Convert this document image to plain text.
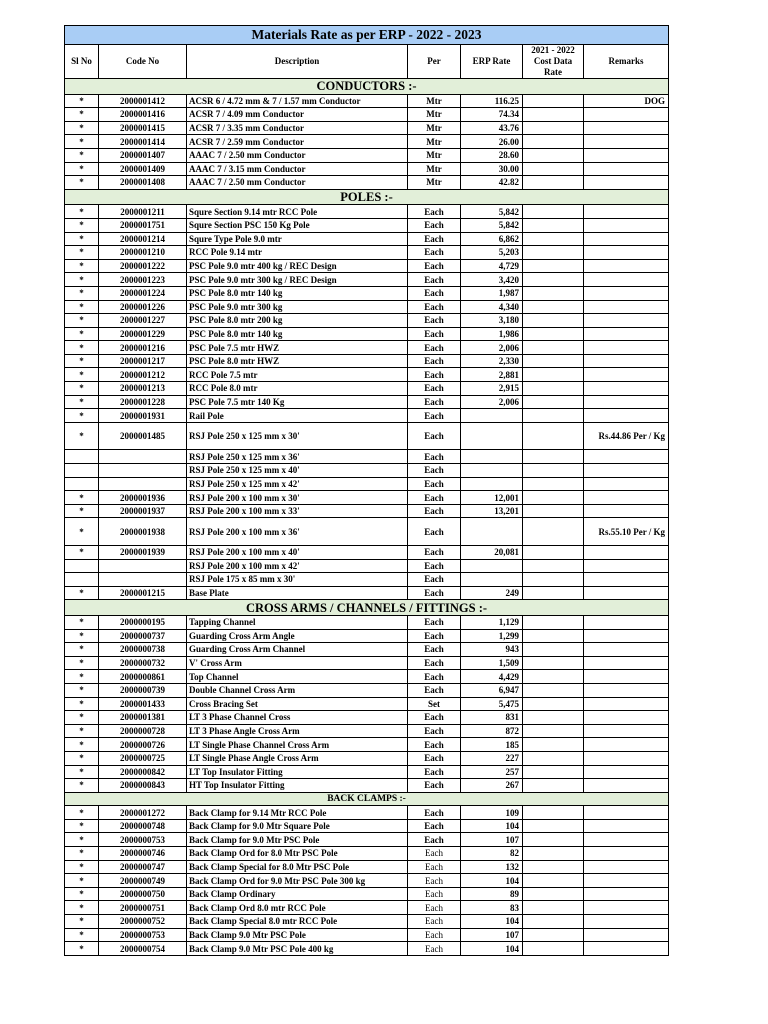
Materials Rate as per ERP - 2022 - 2023						
Sl No	Code No	Description	Per	ERP Rate	2021 - 2022 Cost Data Rate	Remarks
CONDUCTORS :-						
*	2000001412	ACSR 6 / 4.72 mm & 7 / 1.57 mm Conductor	Mtr	116.25		DOG
*	2000001416	ACSR 7 / 4.09 mm Conductor	Mtr	74.34		
*	2000001415	ACSR 7 / 3.35 mm Conductor	Mtr	43.76		
*	2000001414	ACSR 7 / 2.59 mm Conductor	Mtr	26.00		
*	2000001407	AAAC 7 / 2.50 mm Conductor	Mtr	28.60		
*	2000001409	AAAC 7 / 3.15 mm Conductor	Mtr	30.00		
*	2000001408	AAAC 7 / 2.50 mm Conductor	Mtr	42.82		
POLES :-						
*	2000001211	Squre Section 9.14 mtr RCC Pole	Each	5,842		
*	2000001751	Squre Section PSC 150 Kg Pole	Each	5,842		
*	2000001214	Squre Type Pole 9.0 mtr	Each	6,862		
*	2000001210	RCC Pole 9.14 mtr	Each	5,203		
*	2000001222	PSC Pole 9.0 mtr 400 kg / REC Design	Each	4,729		
*	2000001223	PSC Pole 9.0 mtr 300 kg / REC Design	Each	3,420		
*	2000001224	PSC Pole 8.0 mtr 140 kg	Each	1,987		
*	2000001226	PSC Pole 9.0 mtr 300 kg	Each	4,340		
*	2000001227	PSC Pole 8.0 mtr 200 kg	Each	3,180		
*	2000001229	PSC Pole 8.0 mtr 140 kg	Each	1,986		
*	2000001216	PSC Pole 7.5 mtr HWZ	Each	2,006		
*	2000001217	PSC Pole 8.0 mtr HWZ	Each	2,330		
*	2000001212	RCC Pole 7.5 mtr	Each	2,881		
*	2000001213	RCC Pole 8.0 mtr	Each	2,915		
*	2000001228	PSC Pole 7.5 mtr 140 Kg	Each	2,006		
*	2000001931	Rail Pole	Each			
*	2000001485	RSJ Pole 250 x 125 mm x 30'	Each			Rs.44.86 Per / Kg
		RSJ Pole 250 x 125 mm x 36'	Each			
		RSJ Pole 250 x 125 mm x 40'	Each			
		RSJ Pole 250 x 125 mm x 42'	Each			
*	2000001936	RSJ Pole 200 x 100 mm x 30'	Each	12,001		
*	2000001937	RSJ Pole 200 x 100 mm x 33'	Each	13,201		
*	2000001938	RSJ Pole 200 x 100 mm x 36'	Each			Rs.55.10 Per / Kg
*	2000001939	RSJ Pole 200 x 100 mm x 40'	Each	20,081		
		RSJ Pole 200 x 100 mm x 42'	Each			
		RSJ Pole 175 x 85 mm x 30'	Each			
*	2000001215	Base Plate	Each	249		
CROSS ARMS / CHANNELS / FITTINGS :-						
*	2000000195	Tapping Channel	Each	1,129		
*	2000000737	Guarding Cross Arm Angle	Each	1,299		
*	2000000738	Guarding Cross Arm Channel	Each	943		
*	2000000732	V' Cross Arm	Each	1,509		
*	2000000861	Top Channel	Each	4,429		
*	2000000739	Double Channel Cross Arm	Each	6,947		
*	2000001433	Cross Bracing Set	Set	5,475		
*	2000001381	LT 3 Phase Channel Cross	Each	831		
*	2000000728	LT 3 Phase Angle Cross Arm	Each	872		
*	2000000726	LT Single Phase Channel Cross Arm	Each	185		
*	2000000725	LT Single Phase Angle Cross Arm	Each	227		
*	2000000842	LT Top Insulator Fitting	Each	257		
*	2000000843	HT Top Insulator Fitting	Each	267		
BACK CLAMPS :-						
*	2000001272	Back Clamp for 9.14 Mtr RCC Pole	Each	109		
*	2000000748	Back Clamp for 9.0 Mtr Square Pole	Each	104		
*	2000000753	Back Clamp for 9.0 Mtr PSC Pole	Each	107		
*	2000000746	Back Clamp Ord for 8.0 Mtr PSC Pole	Each	82		
*	2000000747	Back Clamp Special for 8.0 Mtr PSC Pole	Each	132		
*	2000000749	Back Clamp Ord for 9.0 Mtr PSC Pole 300 kg	Each	104		
*	2000000750	Back Clamp Ordinary	Each	89		
*	2000000751	Back Clamp Ord 8.0 mtr RCC Pole	Each	83		
*	2000000752	Back Clamp Special 8.0 mtr RCC Pole	Each	104		
*	2000000753	Back Clamp 9.0 Mtr PSC Pole	Each	107		
*	2000000754	Back Clamp 9.0 Mtr PSC Pole 400 kg	Each	104		
